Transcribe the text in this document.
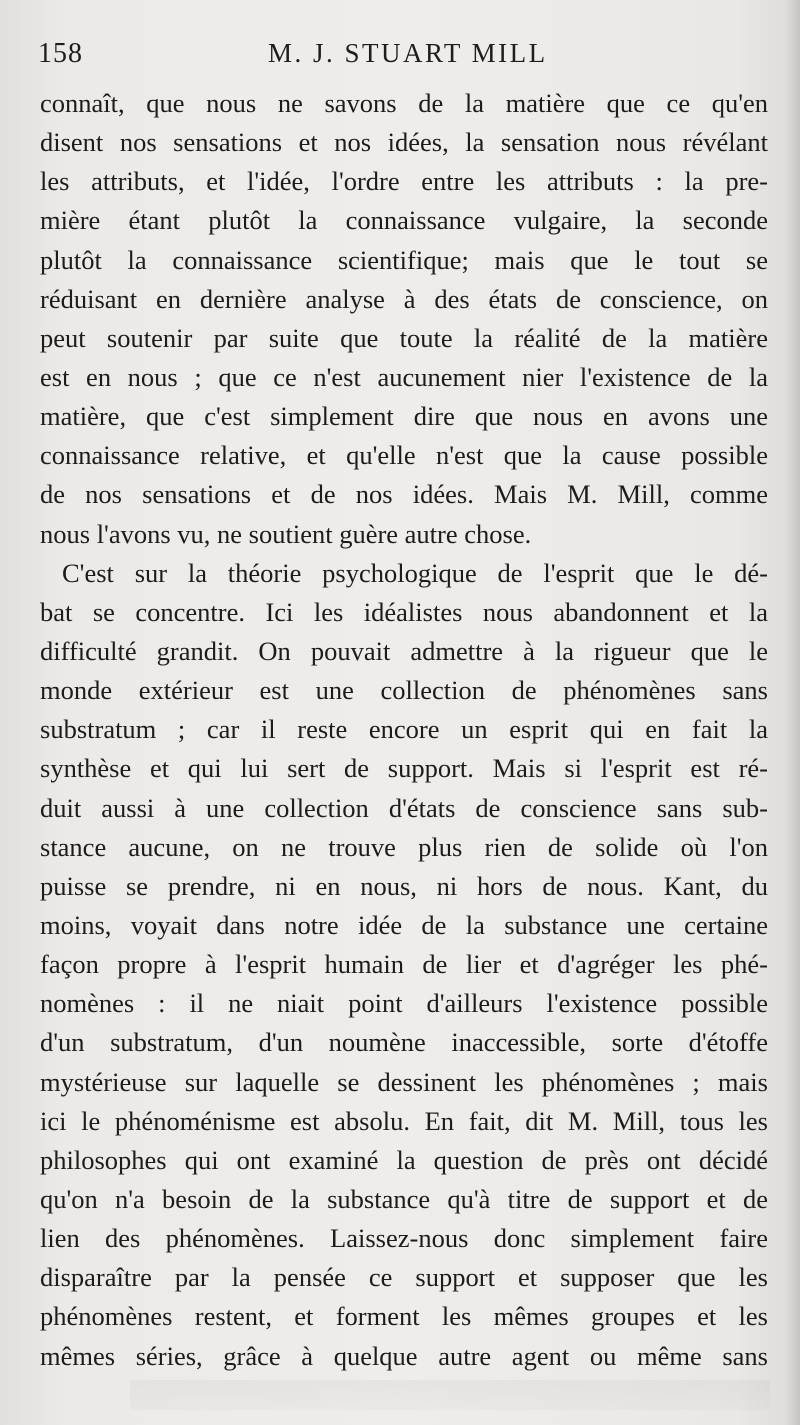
158	M. J. STUART MILL
connaît, que nous ne savons de la matière que ce qu'en
disent nos sensations et nos idées, la sensation nous révélant
les attributs, et l'idée, l'ordre entre les attributs : la pre-
mière étant plutôt la connaissance vulgaire, la seconde
plutôt la connaissance scientifique; mais que le tout se
réduisant en dernière analyse à des états de conscience, on
peut soutenir par suite que toute la réalité de la matière
est en nous ; que ce n'est aucunement nier l'existence de la
matière, que c'est simplement dire que nous en avons une
connaissance relative, et qu'elle n'est que la cause possible
de nos sensations et de nos idées. Mais M. Mill, comme
nous l'avons vu, ne soutient guère autre chose.
C'est sur la théorie psychologique de l'esprit que le dé-
bat se concentre. Ici les idéalistes nous abandonnent et la
difficulté grandit. On pouvait admettre à la rigueur que le
monde extérieur est une collection de phénomènes sans
substratum ; car il reste encore un esprit qui en fait la
synthèse et qui lui sert de support. Mais si l'esprit est ré-
duit aussi à une collection d'états de conscience sans sub-
stance aucune, on ne trouve plus rien de solide où l'on
puisse se prendre, ni en nous, ni hors de nous. Kant, du
moins, voyait dans notre idée de la substance une certaine
façon propre à l'esprit humain de lier et d'agréger les phé-
nomènes : il ne niait point d'ailleurs l'existence possible
d'un substratum, d'un noumène inaccessible, sorte d'étoffe
mystérieuse sur laquelle se dessinent les phénomènes ; mais
ici le phénoménisme est absolu. En fait, dit M. Mill, tous les
philosophes qui ont examiné la question de près ont décidé
qu'on n'a besoin de la substance qu'à titre de support et de
lien des phénomènes. Laissez-nous donc simplement faire
disparaître par la pensée ce support et supposer que les
phénomènes restent, et forment les mêmes groupes et les
mêmes séries, grâce à quelque autre agent ou même sans
